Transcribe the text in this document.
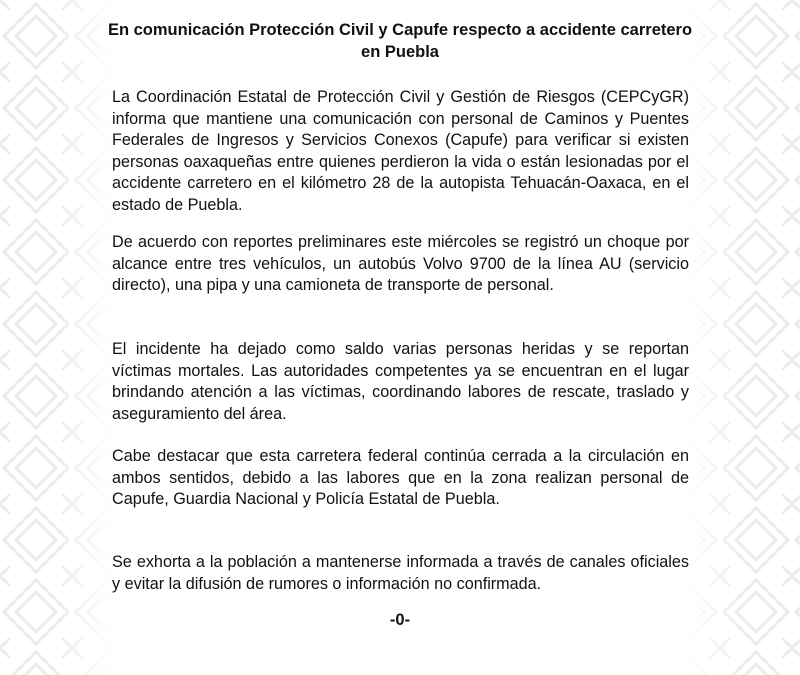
En comunicación Protección Civil y Capufe respecto a accidente carretero en Puebla

La Coordinación Estatal de Protección Civil y Gestión de Riesgos (CEPCyGR) informa que mantiene una comunicación con personal de Caminos y Puentes Federales de Ingresos y Servicios Conexos (Capufe) para verificar si existen personas oaxaqueñas entre quienes perdieron la vida o están lesionadas por el accidente carretero en el kilómetro 28 de la autopista Tehuacán-Oaxaca, en el estado de Puebla.

De acuerdo con reportes preliminares este miércoles se registró un choque por alcance entre tres vehículos, un autobús Volvo 9700 de la línea AU (servicio directo), una pipa y una camioneta de transporte de personal.

El incidente ha dejado como saldo varias personas heridas y se reportan víctimas mortales. Las autoridades competentes ya se encuentran en el lugar brindando atención a las víctimas, coordinando labores de rescate, traslado y aseguramiento del área.

Cabe destacar que esta carretera federal continúa cerrada a la circulación en ambos sentidos, debido a las labores que en la zona realizan personal de Capufe, Guardia Nacional y Policía Estatal de Puebla.

Se exhorta a la población a mantenerse informada a través de canales oficiales y evitar la difusión de rumores o información no confirmada.

-0-
